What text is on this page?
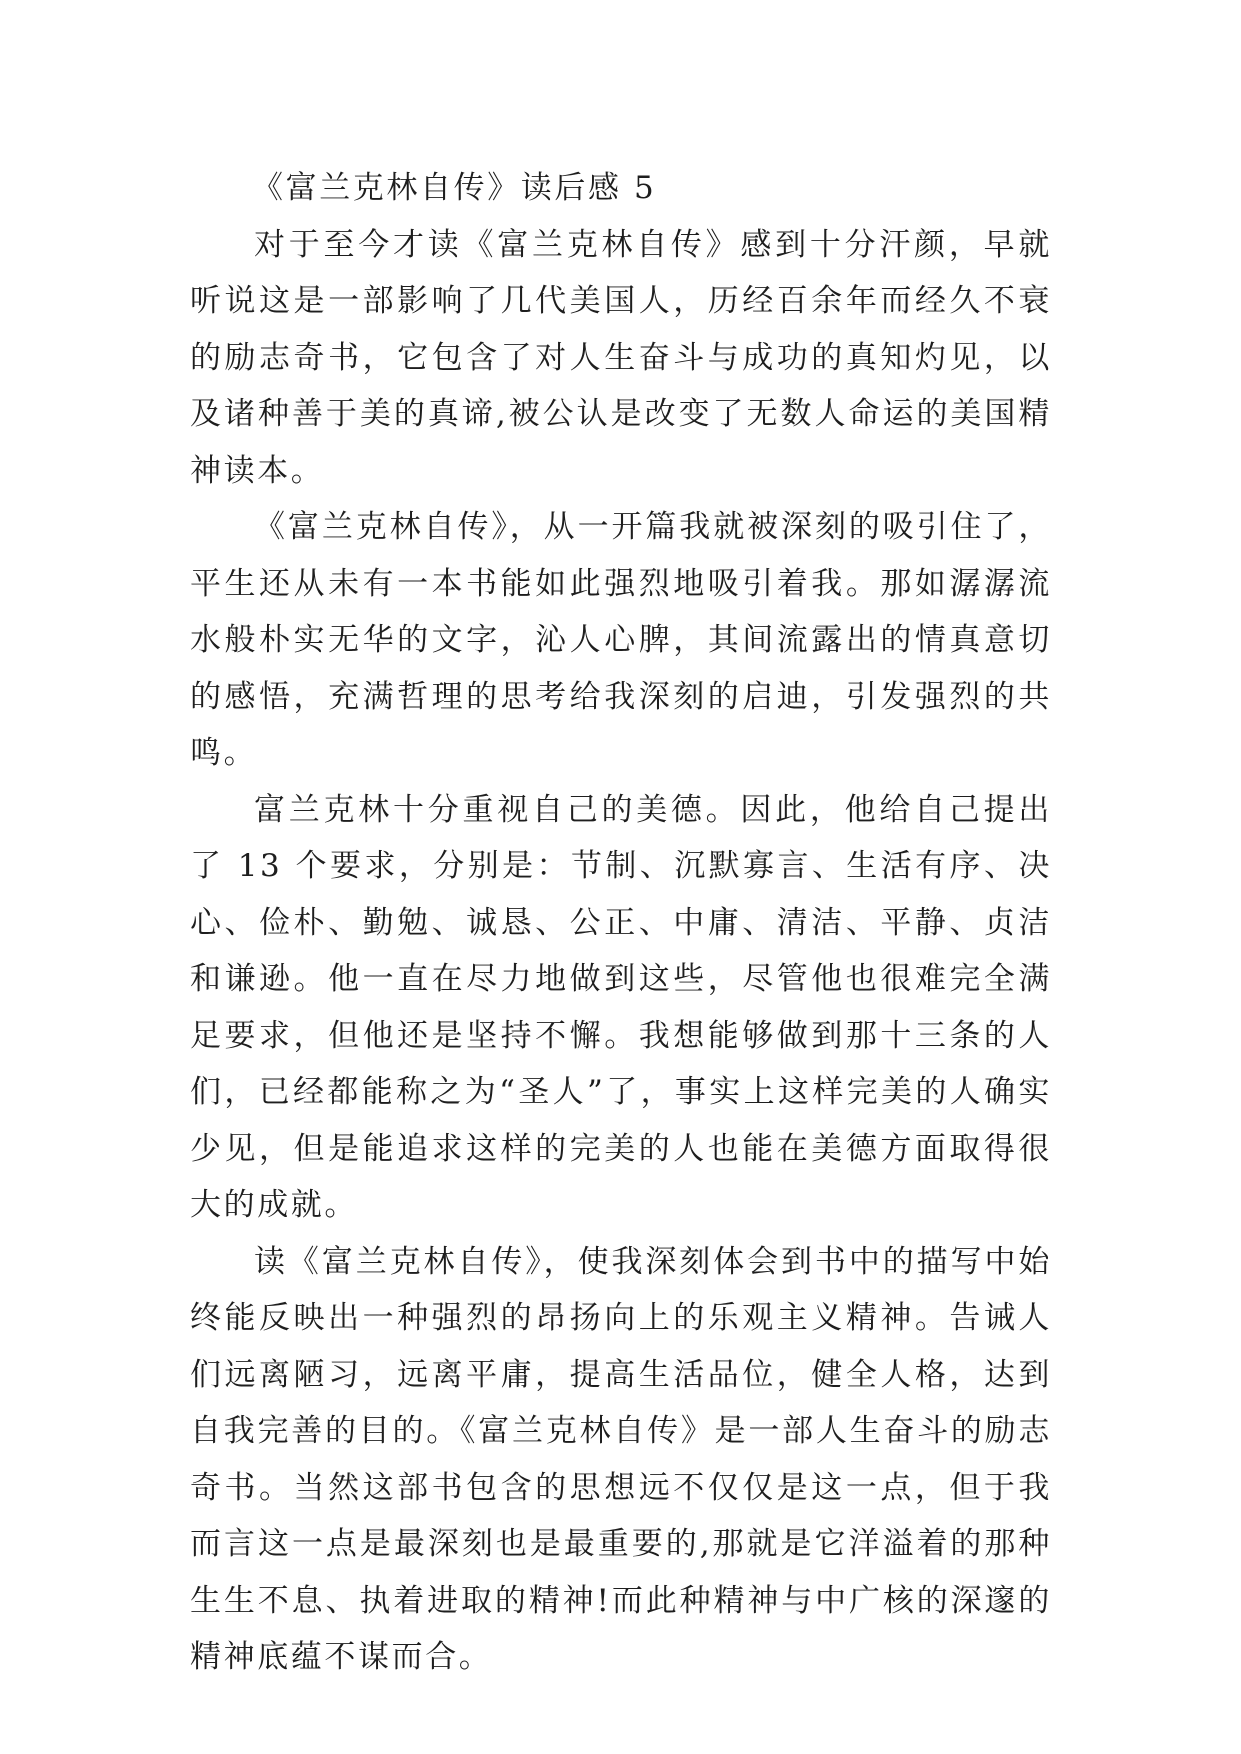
《富兰克林自传》读后感 5

对于至今才读《富兰克林自传》感到十分汗颜，早就听说这是一部影响了几代美国人，历经百余年而经久不衰的励志奇书，它包含了对人生奋斗与成功的真知灼见，以及诸种善于美的真谛,被公认是改变了无数人命运的美国精神读本。

《富兰克林自传》，从一开篇我就被深刻的吸引住了，平生还从未有一本书能如此强烈地吸引着我。那如潺潺流水般朴实无华的文字，沁人心脾，其间流露出的情真意切的感悟，充满哲理的思考给我深刻的启迪，引发强烈的共鸣。

富兰克林十分重视自己的美德。因此，他给自己提出了 13 个要求，分别是：节制、沉默寡言、生活有序、决心、俭朴、勤勉、诚恳、公正、中庸、清洁、平静、贞洁和谦逊。他一直在尽力地做到这些，尽管他也很难完全满足要求，但他还是坚持不懈。我想能够做到那十三条的人们，已经都能称之为“圣人”了，事实上这样完美的人确实少见，但是能追求这样的完美的人也能在美德方面取得很大的成就。

读《富兰克林自传》，使我深刻体会到书中的描写中始终能反映出一种强烈的昂扬向上的乐观主义精神。告诫人们远离陋习，远离平庸，提高生活品位，健全人格，达到自我完善的目的。《富兰克林自传》是一部人生奋斗的励志奇书。当然这部书包含的思想远不仅仅是这一点，但于我而言这一点是最深刻也是最重要的,那就是它洋溢着的那种生生不息、执着进取的精神!而此种精神与中广核的深邃的精神底蕴不谋而合。
